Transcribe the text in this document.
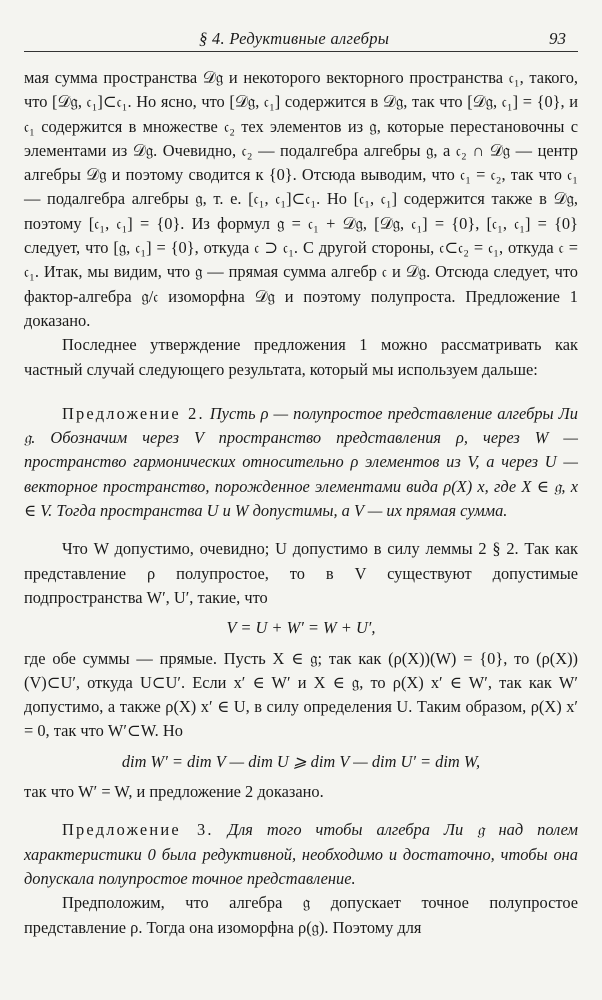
§ 4. Редуктивные алгебры	93

мая сумма пространства 𝒟𝔤 и некоторого векторного пространства 𝔠₁, такого, что [𝒟𝔤, 𝔠₁]⊂𝔠₁. Но ясно, что [𝒟𝔤, 𝔠₁] содержится в 𝒟𝔤, так что [𝒟𝔤, 𝔠₁] = {0}, и 𝔠₁ содержится в множестве 𝔠₂ тех элементов из 𝔤, которые перестановочны с элементами из 𝒟𝔤. Очевидно, 𝔠₂ — подалгебра алгебры 𝔤, а 𝔠₂ ∩ 𝒟𝔤 — центр алгебры 𝒟𝔤 и поэтому сводится к {0}. Отсюда выводим, что 𝔠₁ = 𝔠₂, так что 𝔠₁ — подалгебра алгебры 𝔤, т. е. [𝔠₁, 𝔠₁]⊂𝔠₁. Но [𝔠₁, 𝔠₁] содержится также в 𝒟𝔤, поэтому [𝔠₁, 𝔠₁] = {0}. Из формул 𝔤 = 𝔠₁ + 𝒟𝔤, [𝒟𝔤, 𝔠₁] = {0}, [𝔠₁, 𝔠₁] = {0} следует, что [𝔤, 𝔠₁] = {0}, откуда 𝔠 ⊃ 𝔠₁. С другой стороны, 𝔠⊂𝔠₂ = 𝔠₁, откуда 𝔠 = 𝔠₁. Итак, мы видим, что 𝔤 — прямая сумма алгебр 𝔠 и 𝒟𝔤. Отсюда следует, что фактор-алгебра 𝔤/𝔠 изоморфна 𝒟𝔤 и поэтому полупроста. Предложение 1 доказано.

Последнее утверждение предложения 1 можно рассматривать как частный случай следующего результата, который мы используем дальше:

Предложение 2. Пусть ρ — полупростое представление алгебры Ли 𝔤. Обозначим через V пространство представления ρ, через W — пространство гармонических относительно ρ элементов из V, а через U — векторное пространство, порожденное элементами вида ρ(X) x, где X ∈ 𝔤, x ∈ V. Тогда пространства U и W допустимы, а V — их прямая сумма.

Что W допустимо, очевидно; U допустимо в силу леммы 2 § 2. Так как представление ρ полупростое, то в V существуют допустимые подпространства W′, U′, такие, что

V = U + W′ = W + U′,

где обе суммы — прямые. Пусть X ∈ 𝔤; так как (ρ(X))(W) = {0}, то (ρ(X))(V)⊂U′, откуда U⊂U′. Если x′ ∈ W′ и X ∈ 𝔤, то ρ(X) x′ ∈ W′, так как W′ допустимо, а также ρ(X) x′ ∈ U, в силу определения U. Таким образом, ρ(X) x′ = 0, так что W′⊂W. Но

dim W′ = dim V — dim U ⩾ dim V — dim U′ = dim W,

так что W′ = W, и предложение 2 доказано.

Предложение 3. Для того чтобы алгебра Ли 𝔤 над полем характеристики 0 была редуктивной, необходимо и достаточно, чтобы она допускала полупростое точное представление.

Предположим, что алгебра 𝔤 допускает точное полупростое представление ρ. Тогда она изоморфна ρ(𝔤). Поэтому для
